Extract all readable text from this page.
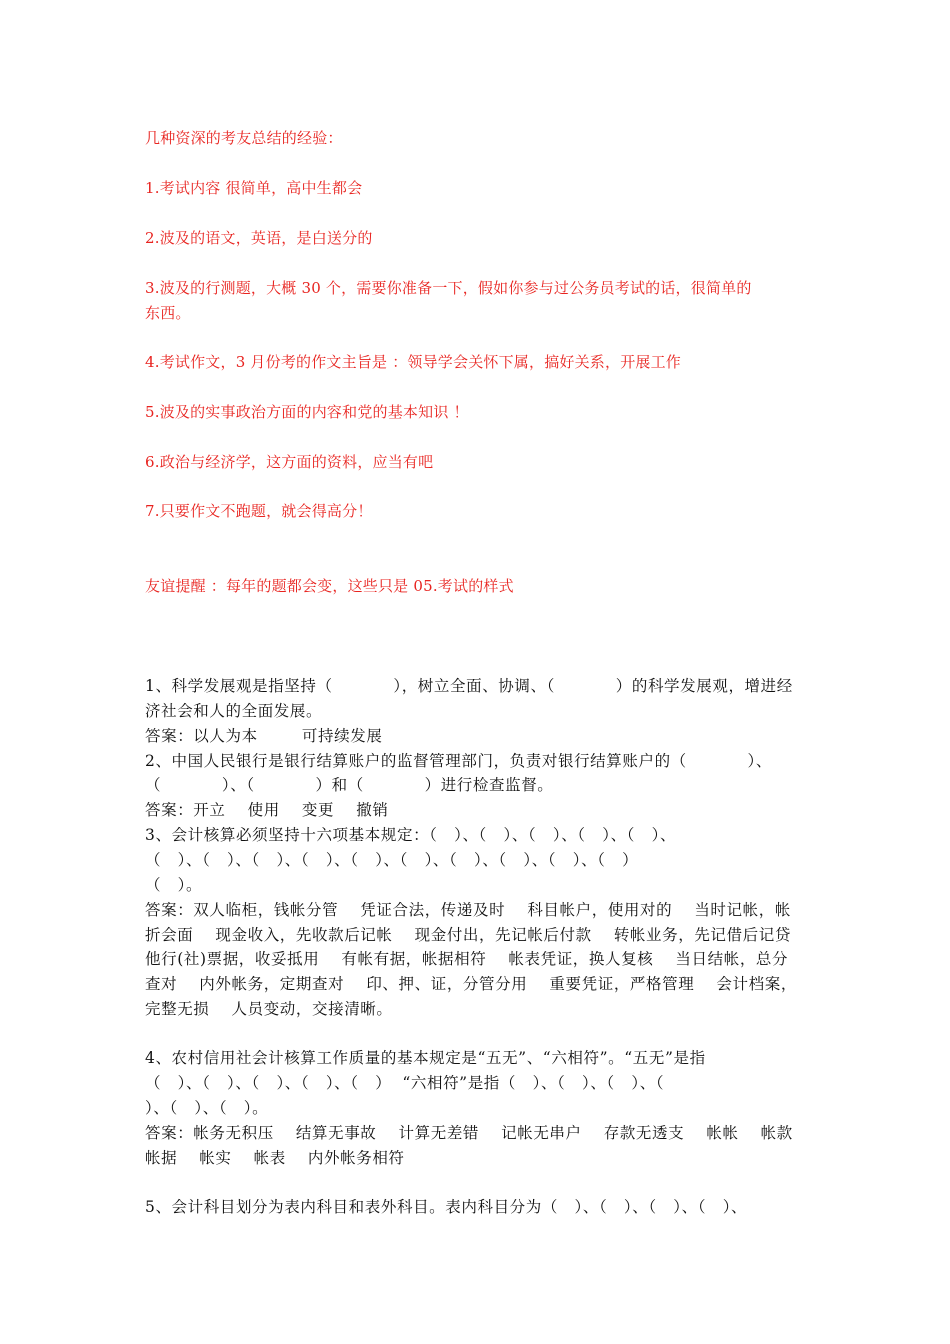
几种资深的考友总结的经验：
1.考试内容 很简单，高中生都会
2.波及的语文，英语，是白送分的
3.波及的行测题，大概 30 个，需要你准备一下，假如你参与过公务员考试的话，很简单的
东西。
4.考试作文，3 月份考的作文主旨是 ：领导学会关怀下属，搞好关系，开展工作
5.波及的实事政治方面的内容和党的基本知识 ！
6.政治与经济学，这方面的资料，应当有吧
7.只要作文不跑题，就会得高分！
友谊提醒 ：每年的题都会变，这些只是 05.考试的样式
1、科学发展观是指坚持（           ），树立全面、协调、（           ）的科学发展观，增进经
济社会和人的全面发展。
答案：以人为本        可持续发展
2、中国人民银行是银行结算账户的监督管理部门，负责对银行结算账户的（           ）、
（           ）、（           ）和（           ）进行检查监督。
答案：开立    使用    变更    撤销
3、会计核算必须坚持十六项基本规定：（   ）、（   ）、（   ）、（   ）、（   ）、
（   ）、（   ）、（   ）、（   ）、（   ）、（   ）、（   ）、（   ）、（   ）、（   ）
（   ）。
答案：双人临柜，钱帐分管    凭证合法，传递及时    科目帐户，使用对的    当时记帐，帐
折会面    现金收入，先收款后记帐    现金付出，先记帐后付款    转帐业务，先记借后记贷
他行(社)票据，收妥抵用    有帐有据，帐据相符    帐表凭证，换人复核    当日结帐，总分
查对    内外帐务，定期查对    印、押、证，分管分用    重要凭证，严格管理    会计档案，
完整无损    人员变动，交接清晰。
4、农村信用社会计核算工作质量的基本规定是“五无”、“六相符”。“五无”是指
（   ）、（   ）、（   ）、（   ）、（   ）  “六相符”是指（   ）、（   ）、（   ）、（
）、（   ）、（   ）。
答案：帐务无积压    结算无事故    计算无差错    记帐无串户    存款无透支    帐帐    帐款
帐据    帐实    帐表    内外帐务相符
5、会计科目划分为表内科目和表外科目。表内科目分为（   ）、（   ）、（   ）、（   ）、
